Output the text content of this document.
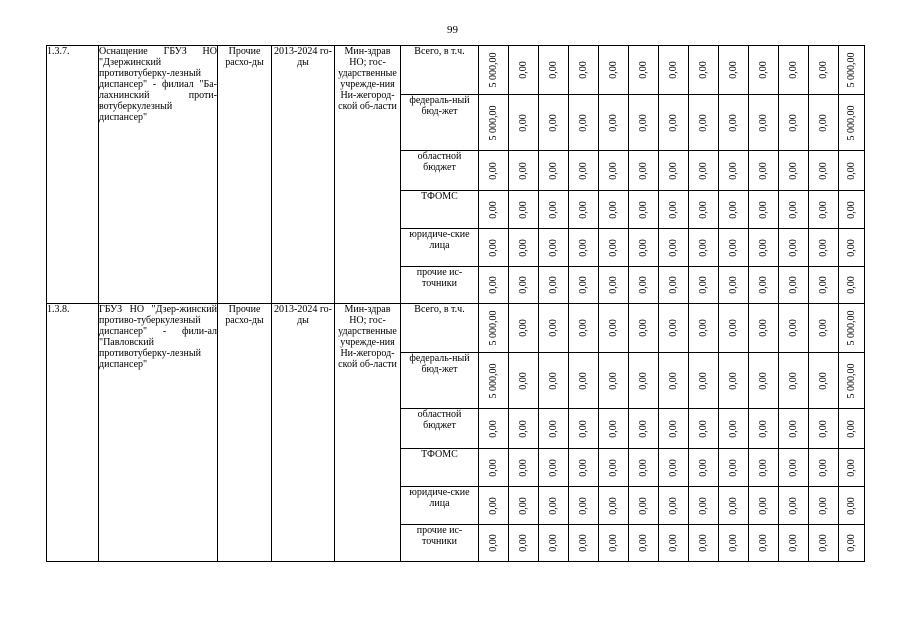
99
1.3.7.	Оснащение ГБУЗ НО "Дзержинский противотуберку-лезный диспансер" - филиал "Ба-лахнинский проти-вотуберкулезный диспансер"	Прочие расхо-ды	2013-2024 го-ды	Мин-здрав НО; гос-ударственные учрежде-ния Ни-жегород-ской об-ласти	Всего, в т.ч.	5 000,00	0,00	0,00	0,00	0,00	0,00	0,00	0,00	0,00	0,00	0,00	0,00	5 000,00

					федераль-ный бюд-жет	5 000,00	0,00	0,00	0,00	0,00	0,00	0,00	0,00	0,00	0,00	0,00	0,00	5 000,00

					областной бюджет	0,00	0,00	0,00	0,00	0,00	0,00	0,00	0,00	0,00	0,00	0,00	0,00	0,00

					ТФОМС	0,00	0,00	0,00	0,00	0,00	0,00	0,00	0,00	0,00	0,00	0,00	0,00	0,00

					юридиче-ские лица	0,00	0,00	0,00	0,00	0,00	0,00	0,00	0,00	0,00	0,00	0,00	0,00	0,00

					прочие ис-точники	0,00	0,00	0,00	0,00	0,00	0,00	0,00	0,00	0,00	0,00	0,00	0,00	0,00

1.3.8.	ГБУЗ НО "Дзер-жинский противо-туберкулезный диспансер" - фили-ал "Павловский противотуберку-лезный диспансер"	Прочие расхо-ды	2013-2024 го-ды	Мин-здрав НО; гос-ударственные учрежде-ния Ни-жегород-ской об-ласти	Всего, в т.ч.	5 000,00	0,00	0,00	0,00	0,00	0,00	0,00	0,00	0,00	0,00	0,00	0,00	5 000,00

					федераль-ный бюд-жет	5 000,00	0,00	0,00	0,00	0,00	0,00	0,00	0,00	0,00	0,00	0,00	0,00	5 000,00

					областной бюджет	0,00	0,00	0,00	0,00	0,00	0,00	0,00	0,00	0,00	0,00	0,00	0,00	0,00

					ТФОМС	0,00	0,00	0,00	0,00	0,00	0,00	0,00	0,00	0,00	0,00	0,00	0,00	0,00

					юридиче-ские лица	0,00	0,00	0,00	0,00	0,00	0,00	0,00	0,00	0,00	0,00	0,00	0,00	0,00

					прочие ис-точники	0,00	0,00	0,00	0,00	0,00	0,00	0,00	0,00	0,00	0,00	0,00	0,00	0,00
